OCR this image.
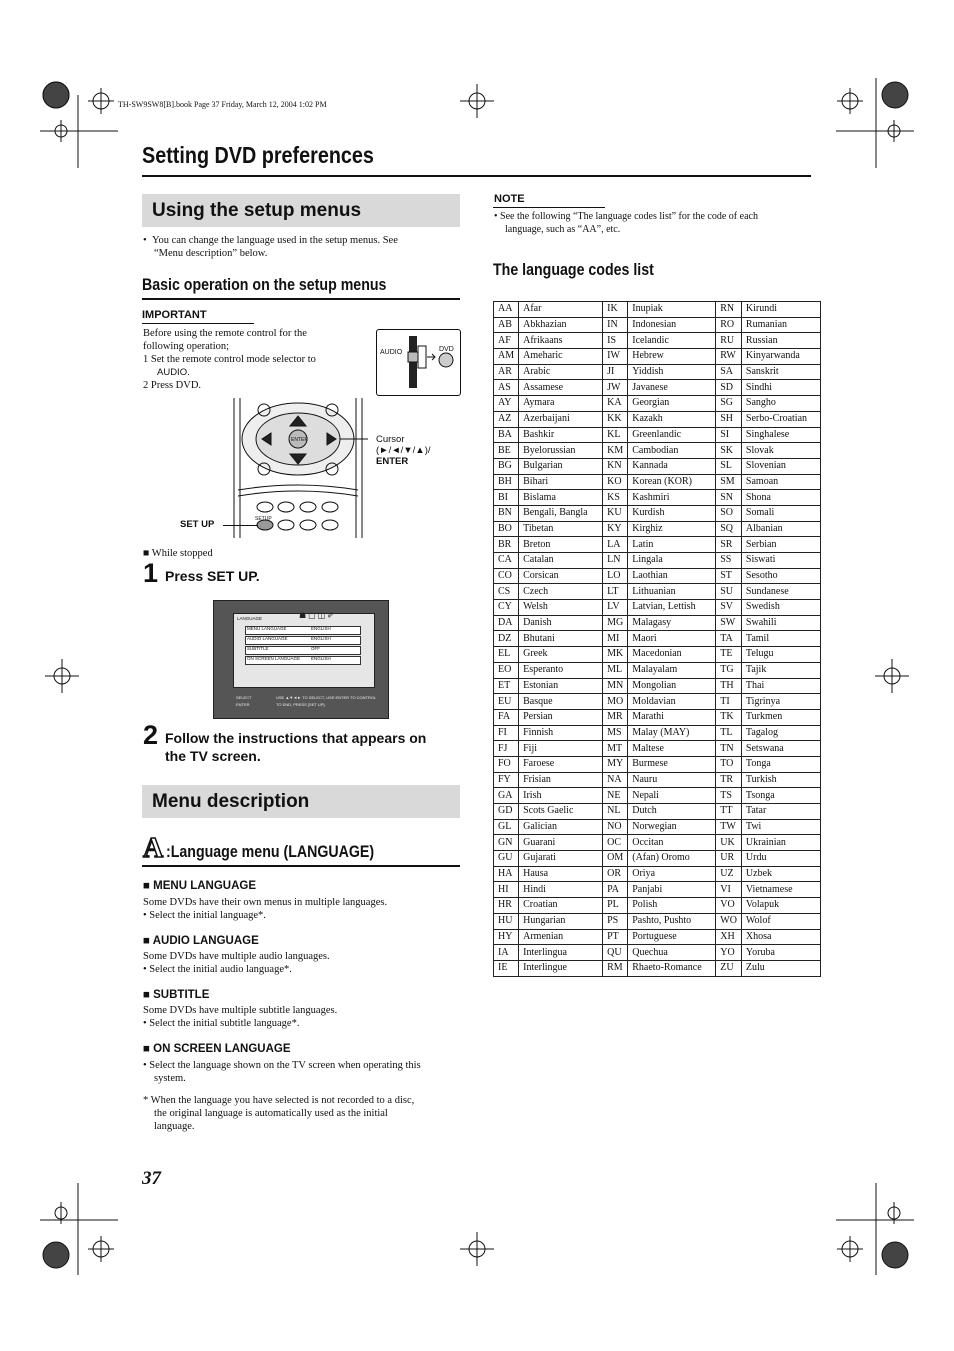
TH-SW9SW8[B].book Page 37 Friday, March 12, 2004 1:02 PM
Setting DVD preferences
Using the setup menus
•  You can change the language used in the setup menus. See
“Menu description” below.
Basic operation on the setup menus
IMPORTANT
Before using the remote control for the
following operation;
1 Set the remote control mode selector to
AUDIO.
2 Press DVD.
AUDIO	DVD
ENTER	Cursor
(►/◄/▼/▲)/
ENTER
SETUP
SET UP
■ While stopped
1 Press SET UP.
LANGUAGE	☗ ▢ ◫ ✐
MENU LANGUAGE	ENGLISH
AUDIO LANGUAGE	ENGLISH
SUBTITLE	OFF
ON SCREEN LANGUAGE ENGLISH
SELECT
ENTER
USE ▲▼◄► TO SELECT, USE ENTER TO CONTROL
TO END, PRESS [SET UP].
2 Follow the instructions that appears on
the TV screen.
Menu description
A :Language menu (LANGUAGE)
■ MENU LANGUAGE
Some DVDs have their own menus in multiple languages.
• Select the initial language*.
■ AUDIO LANGUAGE
Some DVDs have multiple audio languages.
• Select the initial audio language*.
■ SUBTITLE
Some DVDs have multiple subtitle languages.
• Select the initial subtitle language*.
■ ON SCREEN LANGUAGE
• Select the language shown on the TV screen when operating this
system.
* When the language you have selected is not recorded to a disc,
the original language is automatically used as the initial
language.
37
NOTE
• See the following “The language codes list” for the code of each
language, such as “AA”, etc.
The language codes list
AA	Afar	IK	Inupiak	RN	Kirundi
AB	Abkhazian	IN	Indonesian	RO	Rumanian
AF	Afrikaans	IS	Icelandic	RU	Russian
AM	Ameharic	IW	Hebrew	RW	Kinyarwanda
AR	Arabic	JI	Yiddish	SA	Sanskrit
AS	Assamese	JW	Javanese	SD	Sindhi
AY	Aymara	KA	Georgian	SG	Sangho
AZ	Azerbaijani	KK	Kazakh	SH	Serbo-Croatian
BA	Bashkir	KL	Greenlandic	SI	Singhalese
BE	Byelorussian	KM	Cambodian	SK	Slovak
BG	Bulgarian	KN	Kannada	SL	Slovenian
BH	Bihari	KO	Korean (KOR)	SM	Samoan
BI	Bislama	KS	Kashmiri	SN	Shona
BN	Bengali, Bangla	KU	Kurdish	SO	Somali
BO	Tibetan	KY	Kirghiz	SQ	Albanian
BR	Breton	LA	Latin	SR	Serbian
CA	Catalan	LN	Lingala	SS	Siswati
CO	Corsican	LO	Laothian	ST	Sesotho
CS	Czech	LT	Lithuanian	SU	Sundanese
CY	Welsh	LV	Latvian, Lettish	SV	Swedish
DA	Danish	MG	Malagasy	SW	Swahili
DZ	Bhutani	MI	Maori	TA	Tamil
EL	Greek	MK	Macedonian	TE	Telugu
EO	Esperanto	ML	Malayalam	TG	Tajik
ET	Estonian	MN	Mongolian	TH	Thai
EU	Basque	MO	Moldavian	TI	Tigrinya
FA	Persian	MR	Marathi	TK	Turkmen
FI	Finnish	MS	Malay (MAY)	TL	Tagalog
FJ	Fiji	MT	Maltese	TN	Setswana
FO	Faroese	MY	Burmese	TO	Tonga
FY	Frisian	NA	Nauru	TR	Turkish
GA	Irish	NE	Nepali	TS	Tsonga
GD	Scots Gaelic	NL	Dutch	TT	Tatar
GL	Galician	NO	Norwegian	TW	Twi
GN	Guarani	OC	Occitan	UK	Ukrainian
GU	Gujarati	OM	(Afan) Oromo	UR	Urdu
HA	Hausa	OR	Oriya	UZ	Uzbek
HI	Hindi	PA	Panjabi	VI	Vietnamese
HR	Croatian	PL	Polish	VO	Volapuk
HU	Hungarian	PS	Pashto, Pushto	WO	Wolof
HY	Armenian	PT	Portuguese	XH	Xhosa
IA	Interlingua	QU	Quechua	YO	Yoruba
IE	Interlingue	RM	Rhaeto-Romance	ZU	Zulu
